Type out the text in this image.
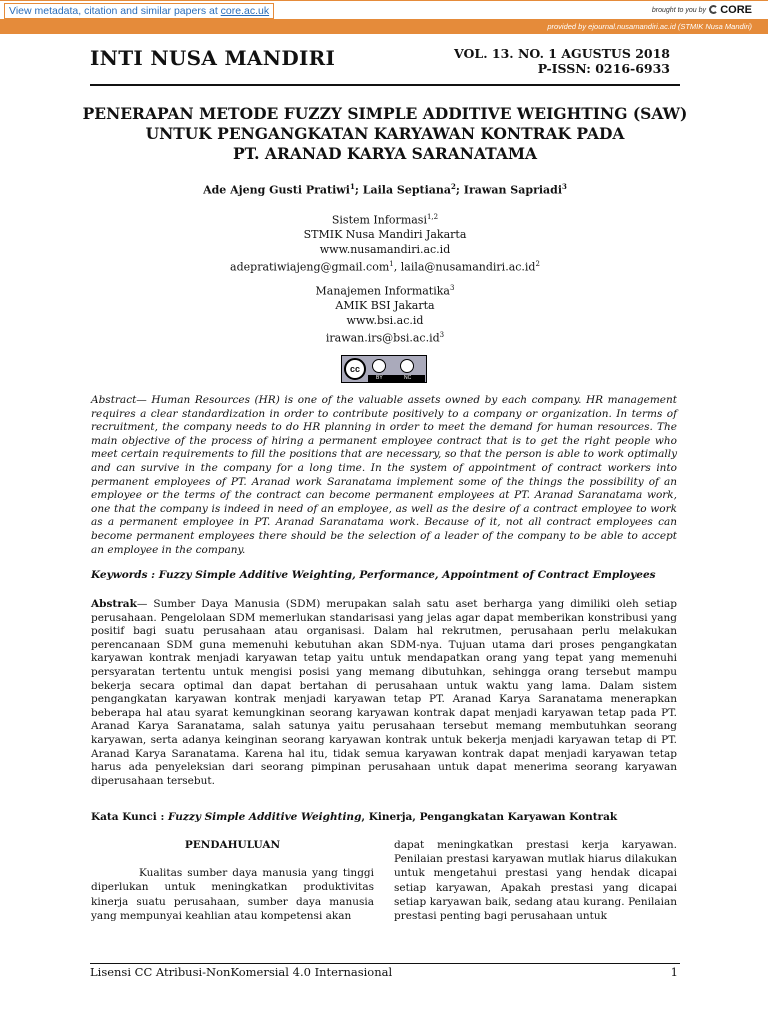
View metadata, citation and similar papers at core.ac.uk	brought to you by	CORE
provided by ejournal.nusamandiri.ac.id (STMIK Nusa Mandiri)
INTI NUSA MANDIRI	VOL. 13. NO. 1 AGUSTUS 2018
P-ISSN: 0216-6933
PENERAPAN METODE FUZZY SIMPLE ADDITIVE WEIGHTING (SAW)
UNTUK PENGANGKATAN KARYAWAN KONTRAK PADA
PT. ARANAD KARYA SARANATAMA
Ade Ajeng Gusti Pratiwi$^1$; Laila Septiana$^2$; Irawan Sapriadi$^3$
Sistem Informasi$^{1,2}$
STMIK Nusa Mandiri Jakarta
www.nusamandiri.ac.id
adepratiwiajeng@gmail.com$^1$, $laila@nusamandiri.ac.id^2$
Manajemen Informatika$^3$
AMIK BSI Jakarta
www.bsi.ac.id
$irawan.irs@bsi.ac.id^3$
cc
BY	NC
Abstract— Human Resources (HR) is one of the valuable assets owned by each company. HR management requires a clear standardization in order to contribute positively to a company or organization. In terms of recruitment, the company needs to do HR planning in order to meet the demand for human resources. The main objective of the process of hiring a permanent employee contract that is to get the right people who meet certain requirements to fill the positions that are necessary, so that the person is able to work optimally and can survive in the company for a long time. In the system of appointment of contract workers into permanent employees of PT. Aranad work Saranatama implement some of the things the possibility of an employee or the terms of the contract can become permanent employees at PT. Aranad Saranatama work, one that the company is indeed in need of an employee, as well as the desire of a contract employee to work as a permanent employee in PT. Aranad Saranatama work. Because of it, not all contract employees can become permanent employees there should be the selection of a leader of the company to be able to accept an employee in the company.
Keywords : Fuzzy Simple Additive Weighting, Performance, Appointment of Contract Employees
Abstrak— Sumber Daya Manusia (SDM) merupakan salah satu aset berharga yang dimiliki oleh setiap perusahaan. Pengelolaan SDM memerlukan standarisasi yang jelas agar dapat memberikan konstribusi yang positif bagi suatu perusahaan atau organisasi. Dalam hal rekrutmen, perusahaan perlu melakukan perencanaan SDM guna memenuhi kebutuhan akan SDM-nya. Tujuan utama dari proses pengangkatan karyawan kontrak menjadi karyawan tetap yaitu untuk mendapatkan orang yang tepat yang memenuhi persyaratan tertentu untuk mengisi posisi yang memang dibutuhkan, sehingga orang tersebut mampu bekerja secara optimal dan dapat bertahan di perusahaan untuk waktu yang lama. Dalam sistem pengangkatan karyawan kontrak menjadi karyawan tetap PT. Aranad Karya Saranatama menerapkan beberapa hal atau syarat kemungkinan seorang karyawan kontrak dapat menjadi karyawan tetap pada PT. Aranad Karya Saranatama, salah satunya yaitu perusahaan tersebut memang membutuhkan seorang karyawan, serta adanya keinginan seorang karyawan kontrak untuk bekerja menjadi karyawan tetap di PT. Aranad Karya Saranatama. Karena hal itu, tidak semua karyawan kontrak dapat menjadi karyawan tetap harus ada penyeleksian dari seorang pimpinan perusahaan untuk dapat menerima seorang karyawan diperusahaan tersebut.
Kata Kunci : Fuzzy Simple Additive Weighting, Kinerja, Pengangkatan Karyawan Kontrak
PENDAHULUAN
Kualitas sumber daya manusia yang tinggi diperlukan untuk meningkatkan produktivitas kinerja suatu perusahaan, sumber daya manusia yang mempunyai keahlian atau kompetensi akan
dapat meningkatkan prestasi kerja karyawan. Penilaian prestasi karyawan mutlak hiarus dilakukan untuk mengetahui prestasi yang hendak dicapai setiap karyawan, Apakah prestasi yang dicapai setiap karyawan baik, sedang atau kurang. Penilaian prestasi penting bagi perusahaan untuk
Lisensi CC Atribusi-NonKomersial 4.0 Internasional	1
